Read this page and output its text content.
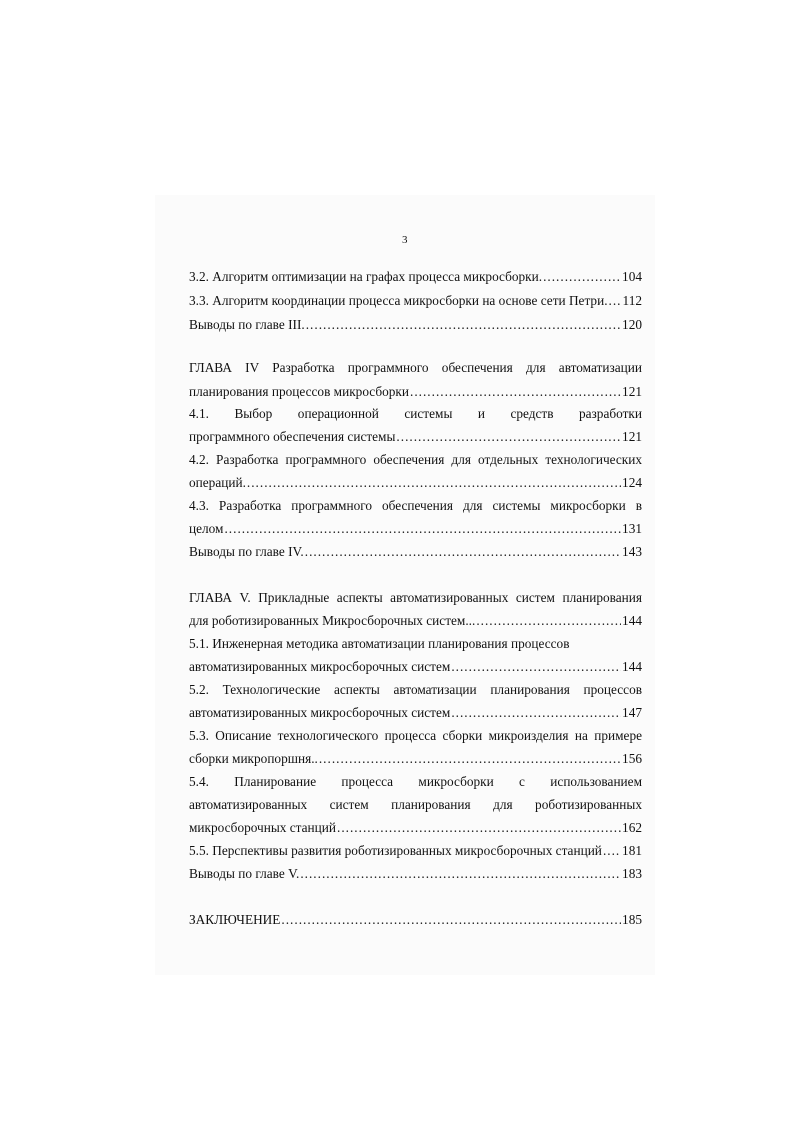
3
3.2. Алгоритм оптимизации на графах процесса микросборки. .....	104
3.3. Алгоритм координации процесса микросборки на основе сети Петри. ..... 112
Выводы по главе III. .....	120
ГЛАВА IV Разработка программного обеспечения для автоматизации
планирования процессов микросборки .....	121
4.1. Выбор операционной системы и средств разработки
программного обеспечения системы .....	121
4.2. Разработка программного обеспечения для отдельных технологических
операций. .....	124
4.3. Разработка программного обеспечения для системы микросборки в
целом .....	131
Выводы по главе IV. .....	143
ГЛАВА V. Прикладные аспекты автоматизированных систем планирования
для роботизированных Микросборочных систем... .....	144
5.1. Инженерная методика автоматизации планирования процессов
автоматизированных микросборочных систем .....	144
5.2. Технологические аспекты автоматизации планирования процессов
автоматизированных микросборочных систем .....	147
5.3. Описание технологического процесса сборки микроизделия на примере
сборки микропоршня.. .....	156
5.4. Планирование процесса микросборки с использованием
автоматизированных систем планирования для роботизированных
микросборочных станций .....	162
5.5. Перспективы развития роботизированных микросборочных станций ..... 181
Выводы по главе V. .....	183
ЗАКЛЮЧЕНИЕ .....	185
